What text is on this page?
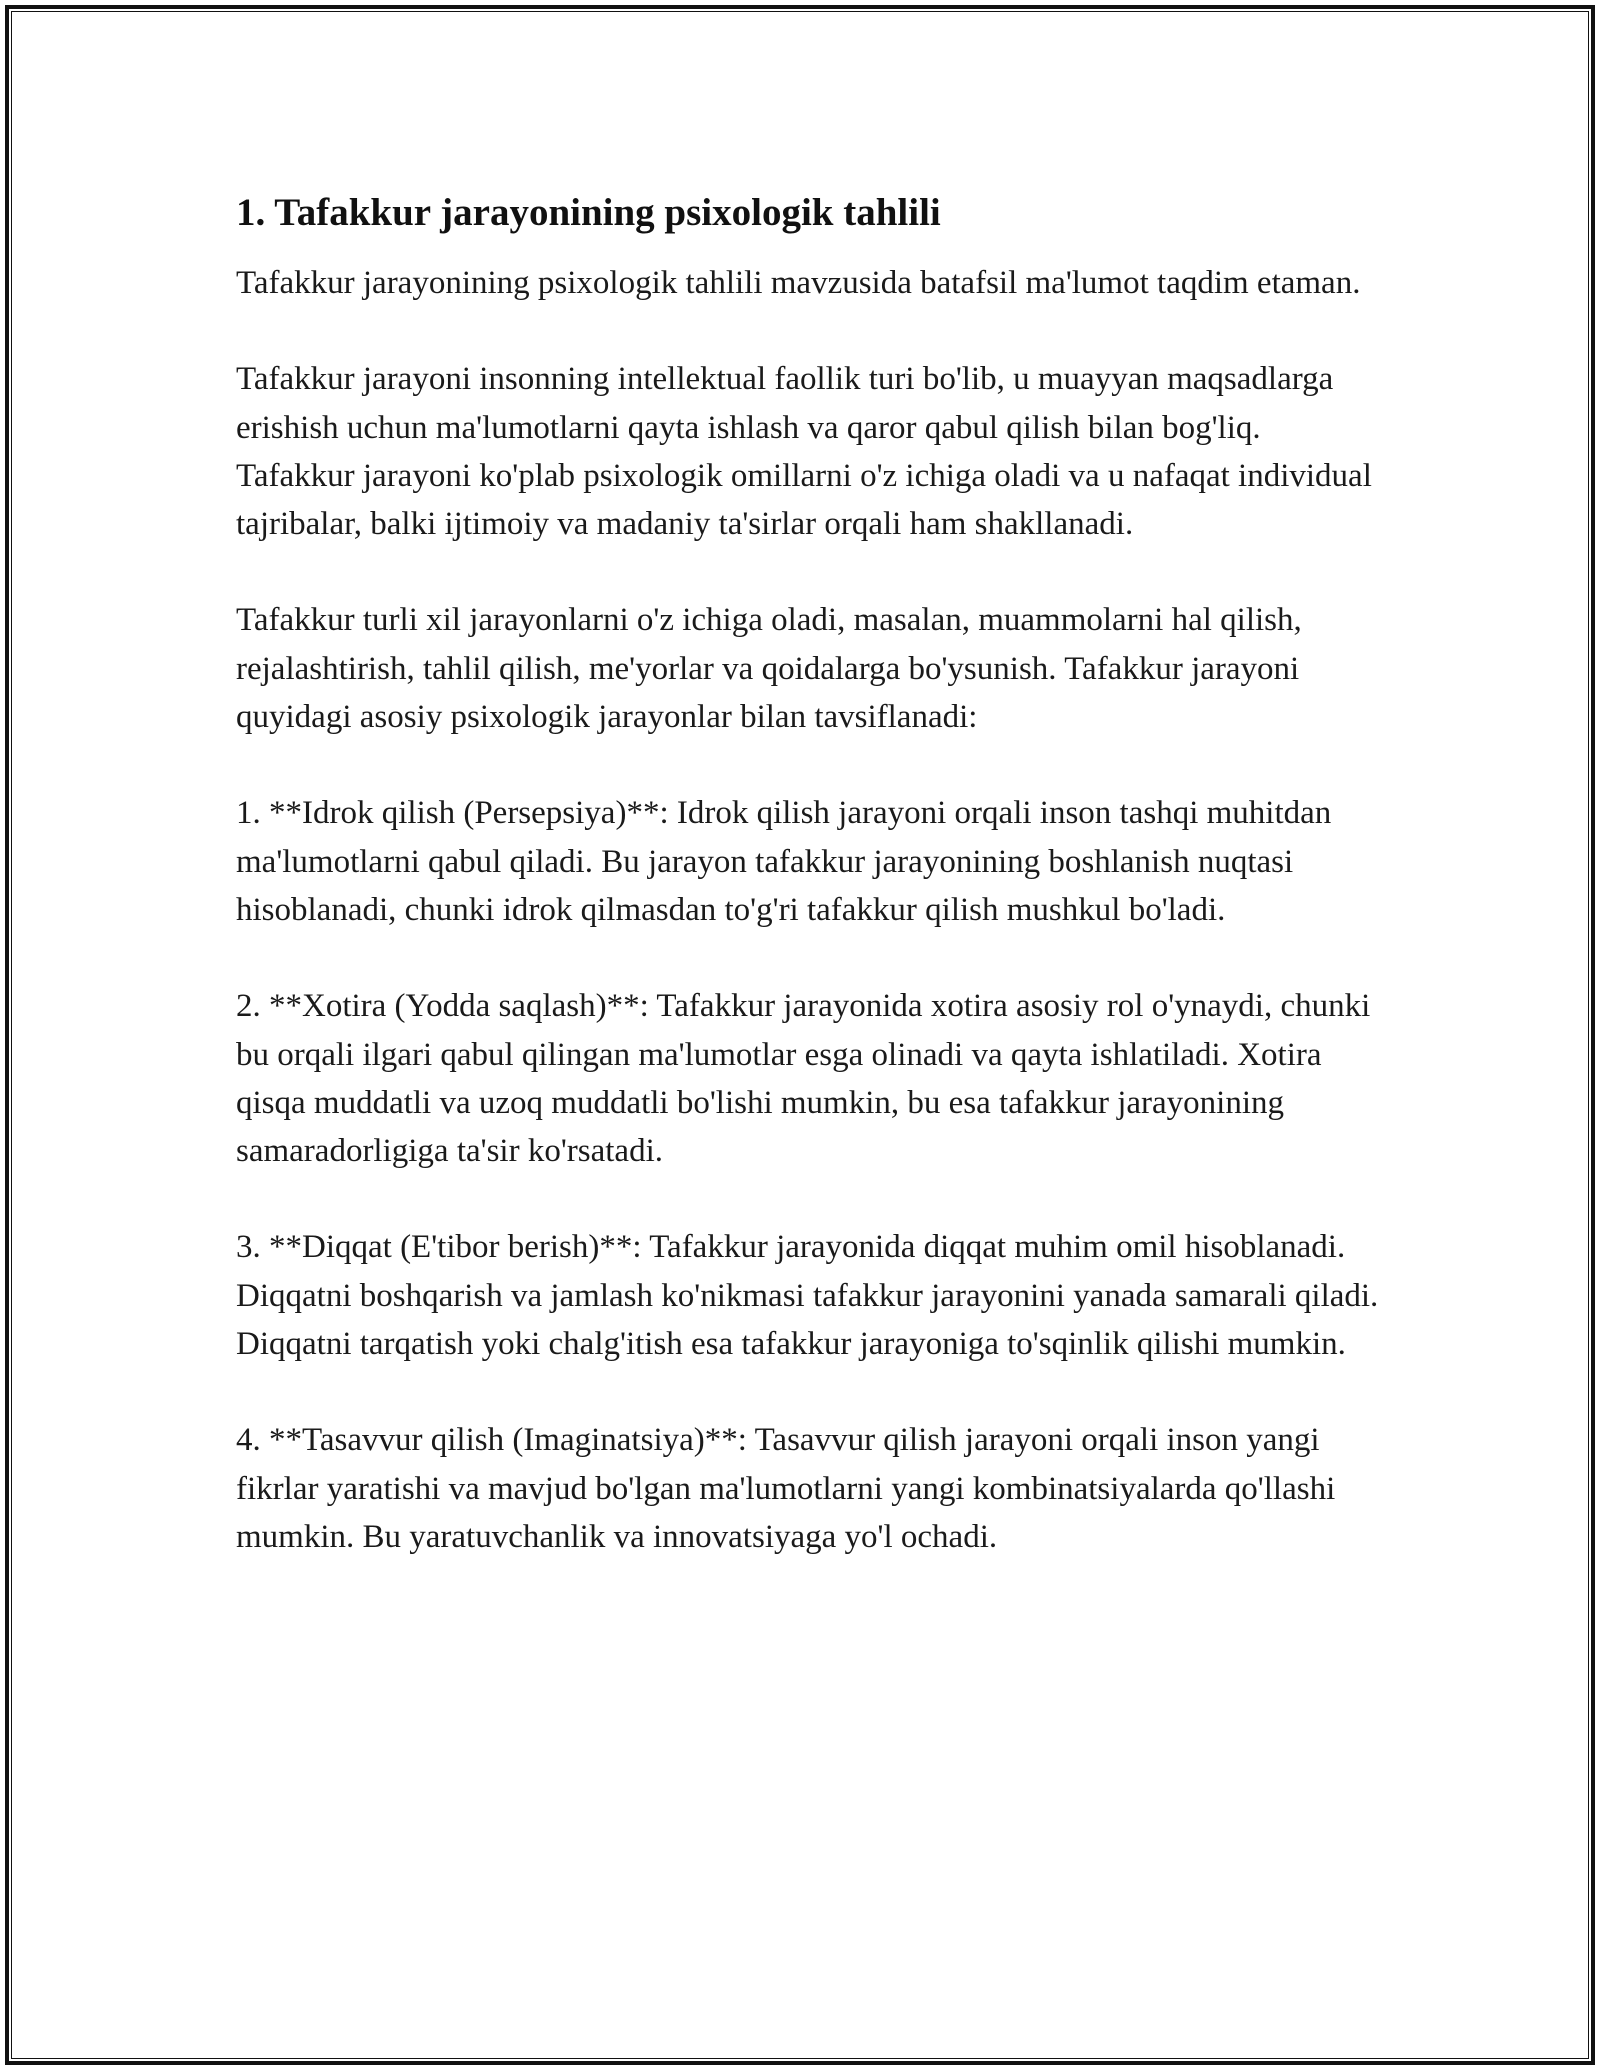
1. Tafakkur jarayonining psixologik tahlili

Tafakkur jarayonining psixologik tahlili mavzusida batafsil ma'lumot taqdim etaman.

Tafakkur jarayoni insonning intellektual faollik turi bo'lib, u muayyan maqsadlarga erishish uchun ma'lumotlarni qayta ishlash va qaror qabul qilish bilan bog'liq. Tafakkur jarayoni ko'plab psixologik omillarni o'z ichiga oladi va u nafaqat individual tajribalar, balki ijtimoiy va madaniy ta'sirlar orqali ham shakllanadi.

Tafakkur turli xil jarayonlarni o'z ichiga oladi, masalan, muammolarni hal qilish, rejalashtirish, tahlil qilish, me'yorlar va qoidalarga bo'ysunish. Tafakkur jarayoni quyidagi asosiy psixologik jarayonlar bilan tavsiflanadi:

1. **Idrok qilish (Persepsiya)**: Idrok qilish jarayoni orqali inson tashqi muhitdan ma'lumotlarni qabul qiladi. Bu jarayon tafakkur jarayonining boshlanish nuqtasi hisoblanadi, chunki idrok qilmasdan to'g'ri tafakkur qilish mushkul bo'ladi.

2. **Xotira (Yodda saqlash)**: Tafakkur jarayonida xotira asosiy rol o'ynaydi, chunki bu orqali ilgari qabul qilingan ma'lumotlar esga olinadi va qayta ishlatiladi. Xotira qisqa muddatli va uzoq muddatli bo'lishi mumkin, bu esa tafakkur jarayonining samaradorligiga ta'sir ko'rsatadi.

3. **Diqqat (E'tibor berish)**: Tafakkur jarayonida diqqat muhim omil hisoblanadi. Diqqatni boshqarish va jamlash ko'nikmasi tafakkur jarayonini yanada samarali qiladi. Diqqatni tarqatish yoki chalg'itish esa tafakkur jarayoniga to'sqinlik qilishi mumkin.

4. **Tasavvur qilish (Imaginatsiya)**: Tasavvur qilish jarayoni orqali inson yangi fikrlar yaratishi va mavjud bo'lgan ma'lumotlarni yangi kombinatsiyalarda qo'llashi mumkin. Bu yaratuvchanlik va innovatsiyaga yo'l ochadi.
